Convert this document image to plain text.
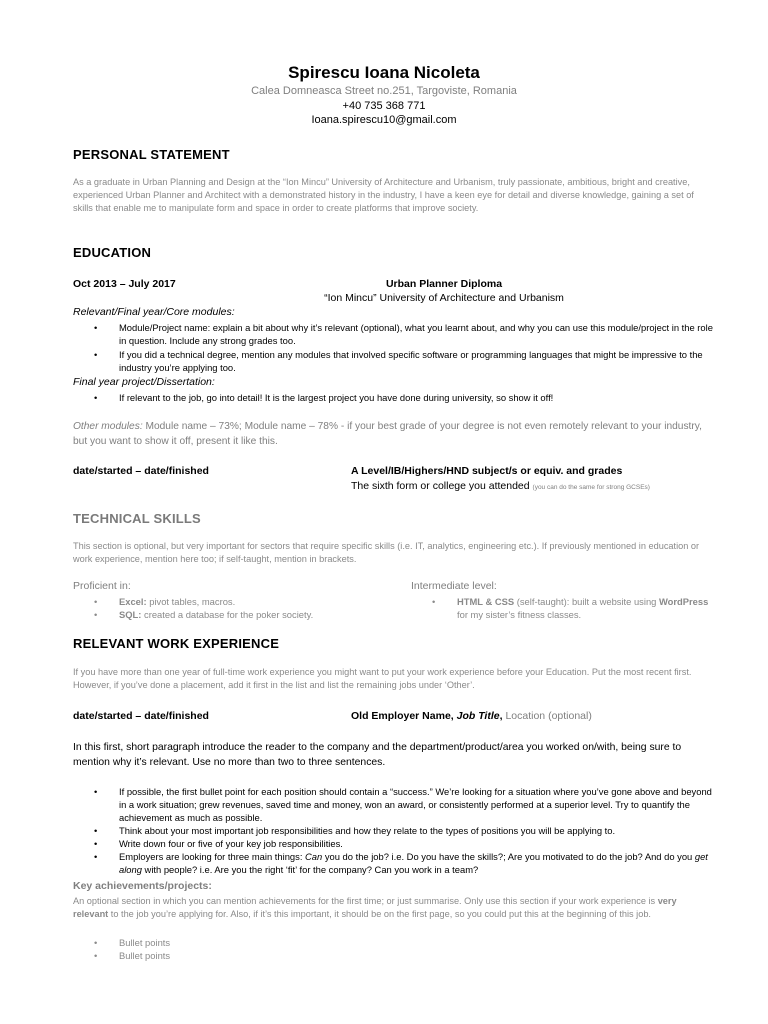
Spirescu Ioana Nicoleta
Calea Domneasca Street no.251, Targoviste, Romania
+40 735 368 771
Ioana.spirescu10@gmail.com
PERSONAL STATEMENT
As a graduate in Urban Planning and Design at the “Ion Mincu” University of Architecture and Urbanism, truly passionate, ambitious, bright and creative, experienced Urban Planner and Architect with a demonstrated history in the industry, I have a keen eye for detail and diverse knowledge, gaining a set of skills that enable me to manipulate form and space in order to create platforms that improve society.
EDUCATION
Oct 2013 – July 2017	Urban Planner Diploma
“Ion Mincu” University of Architecture and Urbanism
Relevant/Final year/Core modules:
• Module/Project name: explain a bit about why it’s relevant (optional), what you learnt about, and why you can use this module/project in the role in question. Include any strong grades too.
• If you did a technical degree, mention any modules that involved specific software or programming languages that might be impressive to the industry you’re applying too.
Final year project/Dissertation:
• If relevant to the job, go into detail! It is the largest project you have done during university, so show it off!
Other modules: Module name – 73%; Module name – 78% - if your best grade of your degree is not even remotely relevant to your industry, but you want to show it off, present it like this.
date/started – date/finished	A Level/IB/Highers/HND subject/s or equiv. and grades
The sixth form or college you attended (you can do the same for strong GCSEs)
TECHNICAL SKILLS
This section is optional, but very important for sectors that require specific skills (i.e. IT, analytics, engineering etc.). If previously mentioned in education or work experience, mention here too; if self-taught, mention in brackets.
Proficient in:
• Excel: pivot tables, macros.
• SQL: created a database for the poker society.
Intermediate level:
• HTML & CSS (self-taught): built a website using WordPress for my sister’s fitness classes.
RELEVANT WORK EXPERIENCE
If you have more than one year of full-time work experience you might want to put your work experience before your Education. Put the most recent first. However, if you’ve done a placement, add it first in the list and list the remaining jobs under ‘Other’.
date/started – date/finished	Old Employer Name, Job Title, Location (optional)
In this first, short paragraph introduce the reader to the company and the department/product/area you worked on/with, being sure to mention why it’s relevant. Use no more than two to three sentences.
• If possible, the first bullet point for each position should contain a “success.” We’re looking for a situation where you’ve gone above and beyond in a work situation; grew revenues, saved time and money, won an award, or consistently performed at a superior level. Try to quantify the achievement as much as possible.
• Think about your most important job responsibilities and how they relate to the types of positions you will be applying to.
• Write down four or five of your key job responsibilities.
• Employers are looking for three main things: Can you do the job? i.e. Do you have the skills?; Are you motivated to do the job? And do you get along with people? i.e. Are you the right ‘fit’ for the company? Can you work in a team?
Key achievements/projects:
An optional section in which you can mention achievements for the first time; or just summarise. Only use this section if your work experience is very relevant to the job you’re applying for. Also, if it’s this important, it should be on the first page, so you could put this at the beginning of this job.
• Bullet points
• Bullet points
